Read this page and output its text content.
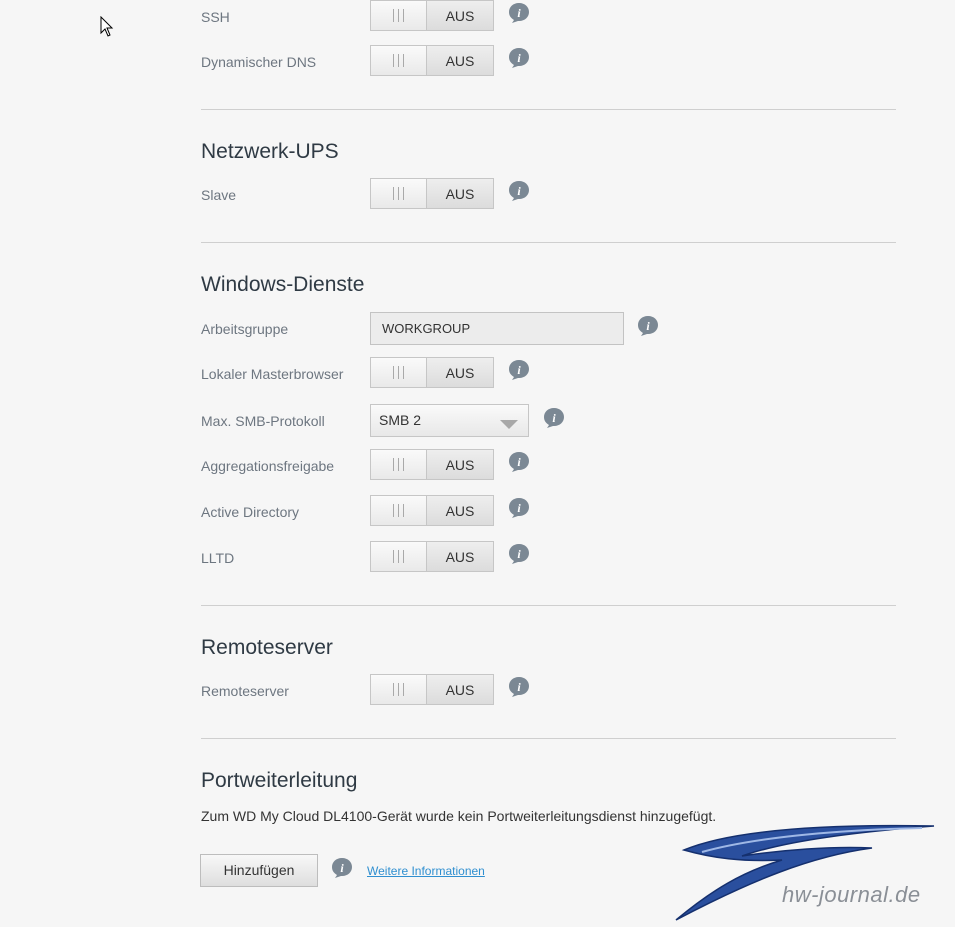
SSH	AUS	i
Dynamischer DNS	AUS	i
Netzwerk-UPS
Slave	AUS	i
Windows-Dienste
Arbeitsgruppe	WORKGROUP	i
Lokaler Masterbrowser	AUS	i
Max. SMB-Protokoll	SMB 2	i
Aggregationsfreigabe	AUS	i
Active Directory	AUS	i
LLTD	AUS	i
Remoteserver
Remoteserver	AUS	i
Portweiterleitung
Zum WD My Cloud DL4100-Gerät wurde kein Portweiterleitungsdienst hinzugefügt.
Hinzufügen	i Weitere Informationen
hw-journal.de
